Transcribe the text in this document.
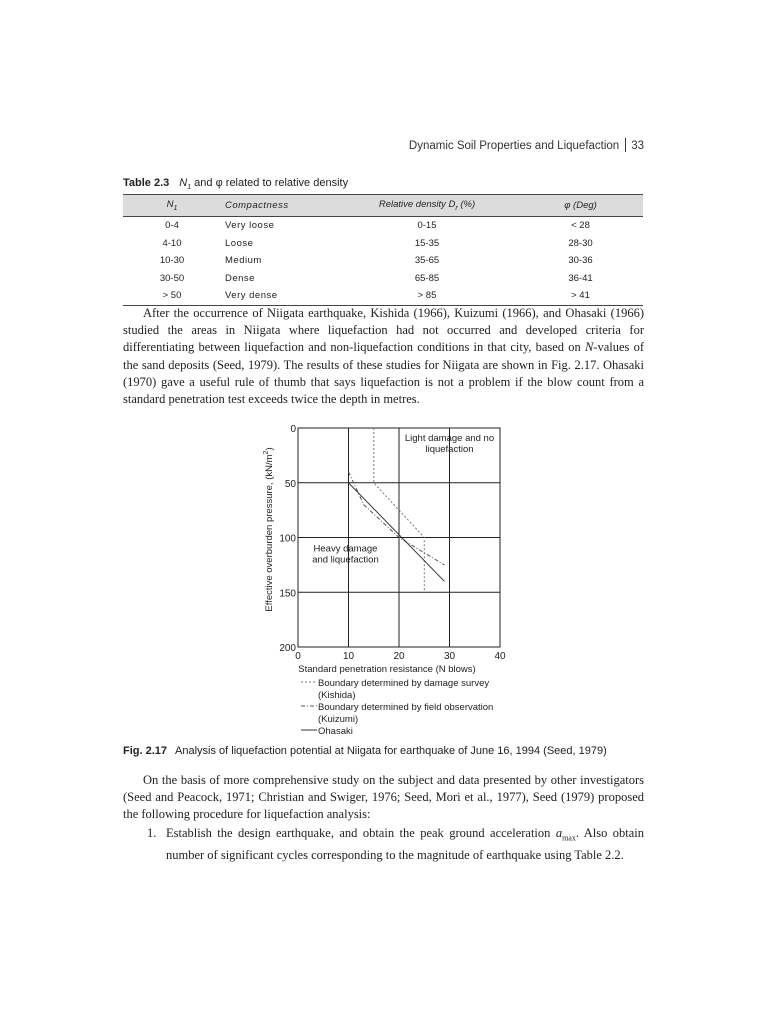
Dynamic Soil Properties and Liquefaction 33
Table 2.3 $N_1$ and φ related to relative density
$N_1$	Compactness	Relative density $D_r$ (%)	φ (Deg)
0-4	Very loose	0-15	< 28
4-10	Loose	15-35	28-30
10-30	Medium	35-65	30-36
30-50	Dense	65-85	36-41
> 50	Very dense	> 85	> 41

After the occurrence of Niigata earthquake, Kishida (1966), Kuizumi (1966), and Ohasaki (1966) studied the areas in Niigata where liquefaction had not occurred and developed criteria for differentiating between liquefaction and non-liquefaction conditions in that city, based on N-values of the sand deposits (Seed, 1979). The results of these studies for Niigata are shown in Fig. 2.17. Ohasaki (1970) gave a useful rule of thumb that says liquefaction is not a problem if the blow count from a standard penetration test exceeds twice the depth in metres.

0	10	20	30	40
0
50
100
150
200
Light damage and no
liquefaction
Heavy damage
and liquefaction
Standard penetration resistance (N blows)
Effective overburden pressure, $(kN/m^2)$
Boundary determined by damage survey
(Kishida)
Boundary determined by field observation
(Kuizumi)
Ohasaki
Fig. 2.17 Analysis of liquefaction potential at Niigata for earthquake of June 16, 1994 (Seed, 1979)

On the basis of more comprehensive study on the subject and data presented by other investigators (Seed and Peacock, 1971; Christian and Swiger, 1976; Seed, Mori et al., 1977), Seed (1979) proposed the following procedure for liquefaction analysis:

1. Establish the design earthquake, and obtain the peak ground acceleration $a_{max}$. Also obtain number of significant cycles corresponding to the magnitude of earthquake using Table 2.2.
